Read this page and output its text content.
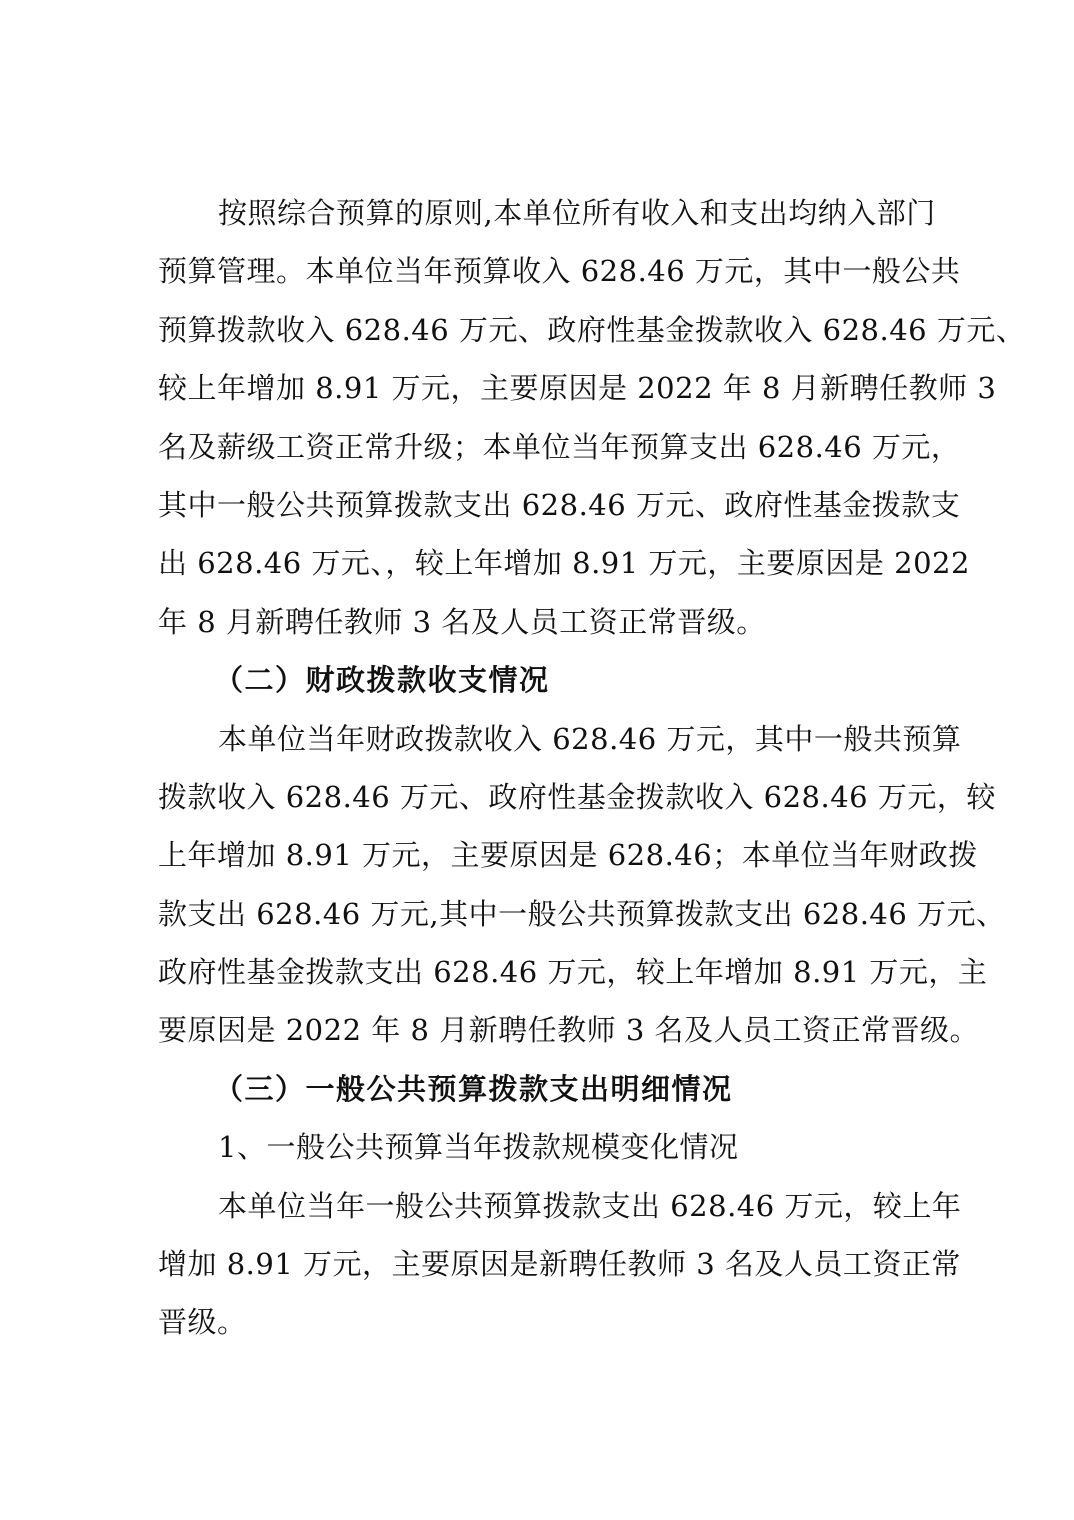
按照综合预算的原则,本单位所有收入和支出均纳入部门
预算管理。本单位当年预算收入 628.46 万元，其中一般公共
预算拨款收入 628.46 万元、政府性基金拨款收入 628.46 万元、
较上年增加 8.91 万元，主要原因是 2022 年 8 月新聘任教师 3
名及薪级工资正常升级；本单位当年预算支出 628.46 万元，
其中一般公共预算拨款支出 628.46 万元、政府性基金拨款支
出 628.46 万元、，较上年增加 8.91 万元，主要原因是 2022
年 8 月新聘任教师 3 名及人员工资正常晋级。
（二）财政拨款收支情况
本单位当年财政拨款收入 628.46 万元，其中一般共预算
拨款收入 628.46 万元、政府性基金拨款收入 628.46 万元，较
上年增加 8.91 万元，主要原因是 628.46；本单位当年财政拨
款支出 628.46 万元,其中一般公共预算拨款支出 628.46 万元、
政府性基金拨款支出 628.46 万元，较上年增加 8.91 万元，主
要原因是 2022 年 8 月新聘任教师 3 名及人员工资正常晋级。
（三）一般公共预算拨款支出明细情况
1、一般公共预算当年拨款规模变化情况
本单位当年一般公共预算拨款支出 628.46 万元，较上年
增加 8.91 万元，主要原因是新聘任教师 3 名及人员工资正常
晋级。
